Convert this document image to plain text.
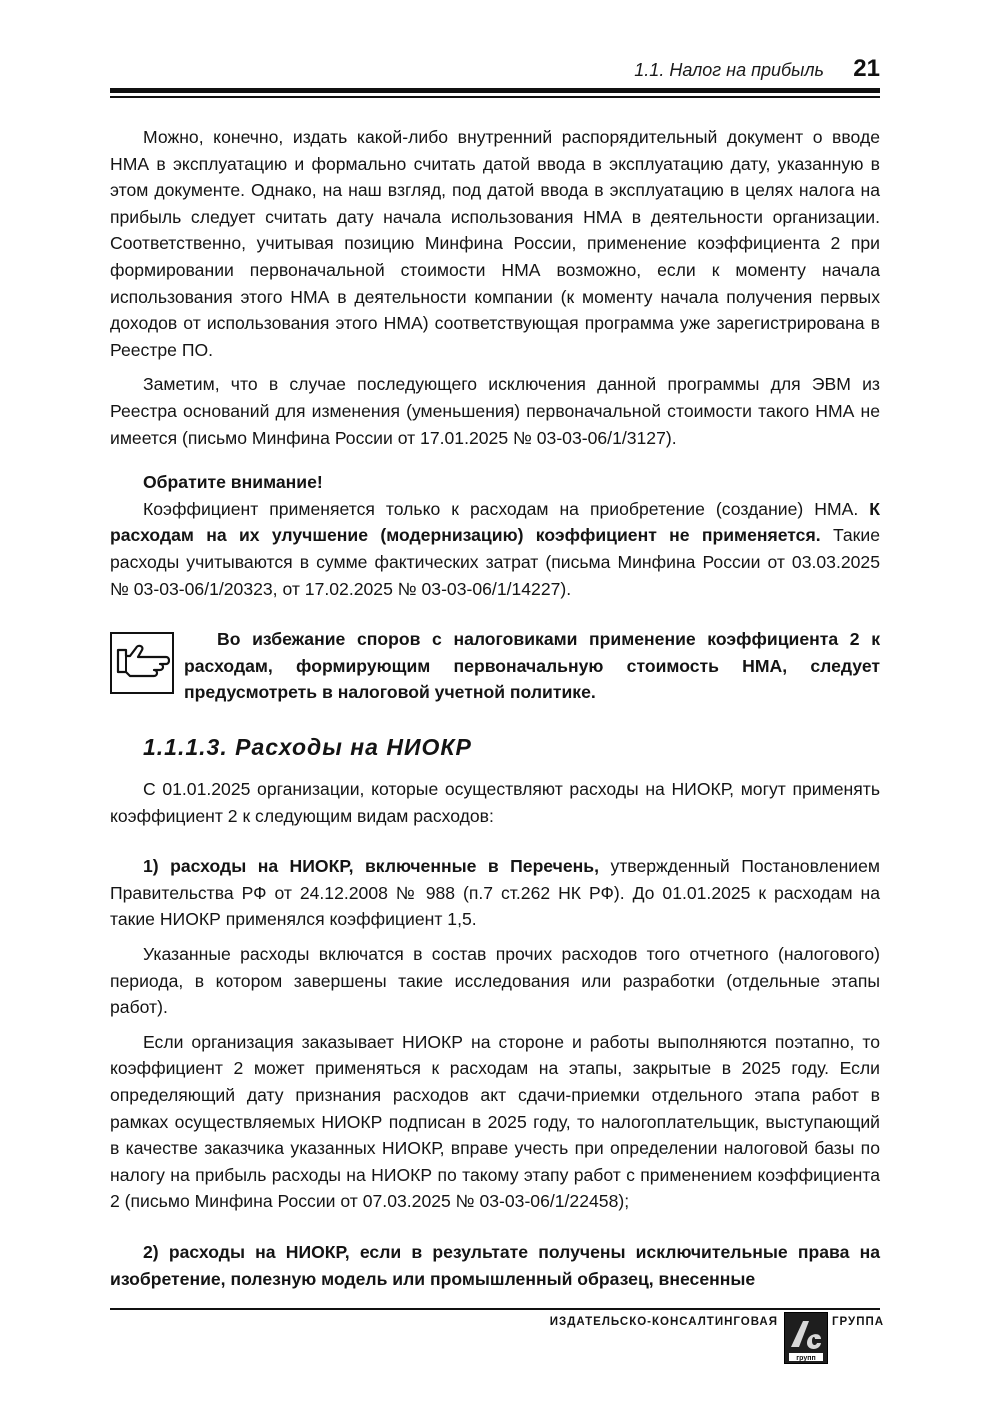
1.1. Налог на прибыль 21

Можно, конечно, издать какой-либо внутренний распорядительный документ о вводе НМА в эксплуатацию и формально считать датой ввода в эксплуатацию дату, указанную в этом документе. Однако, на наш взгляд, под датой ввода в эксплуатацию в целях налога на прибыль следует считать дату начала использования НМА в деятельности организации. Соответственно, учитывая позицию Минфина России, применение коэффициента 2 при формировании первоначальной стоимости НМА возможно, если к моменту начала использования этого НМА в деятельности компании (к моменту начала получения первых доходов от использования этого НМА) соответствующая программа уже зарегистрирована в Реестре ПО.

Заметим, что в случае последующего исключения данной программы для ЭВМ из Реестра оснований для изменения (уменьшения) первоначальной стоимости такого НМА не имеется (письмо Минфина России от 17.01.2025 № 03-03-06/1/3127).

Обратите внимание!

Коэффициент применяется только к расходам на приобретение (создание) НМА. К расходам на их улучшение (модернизацию) коэффициент не применяется. Такие расходы учитываются в сумме фактических затрат (письма Минфина России от 03.03.2025 № 03-03-06/1/20323, от 17.02.2025 № 03-03-06/1/14227).

Во избежание споров с налоговиками применение коэффициента 2 к расходам, формирующим первоначальную стоимость НМА, следует предусмотреть в налоговой учетной политике.

1.1.1.3. Расходы на НИОКР

С 01.01.2025 организации, которые осуществляют расходы на НИОКР, могут применять коэффициент 2 к следующим видам расходов:

1) расходы на НИОКР, включенные в Перечень, утвержденный Постановлением Правительства РФ от 24.12.2008 № 988 (п.7 ст.262 НК РФ). До 01.01.2025 к расходам на такие НИОКР применялся коэффициент 1,5.

Указанные расходы включатся в состав прочих расходов того отчетного (налогового) периода, в котором завершены такие исследования или разработки (отдельные этапы работ).

Если организация заказывает НИОКР на стороне и работы выполняются поэтапно, то коэффициент 2 может применяться к расходам на этапы, закрытые в 2025 году. Если определяющий дату признания расходов акт сдачи-приемки отдельного этапа работ в рамках осуществляемых НИОКР подписан в 2025 году, то налогоплательщик, выступающий в качестве заказчика указанных НИОКР, вправе учесть при определении налоговой базы по налогу на прибыль расходы на НИОКР по такому этапу работ с применением коэффициента 2 (письмо Минфина России от 07.03.2025 № 03-03-06/1/22458);

2) расходы на НИОКР, если в результате получены исключительные права на изобретение, полезную модель или промышленный образец, внесенные

ИЗДАТЕЛЬСКО-КОНСАЛТИНГОВАЯ
групп
ГРУППА
